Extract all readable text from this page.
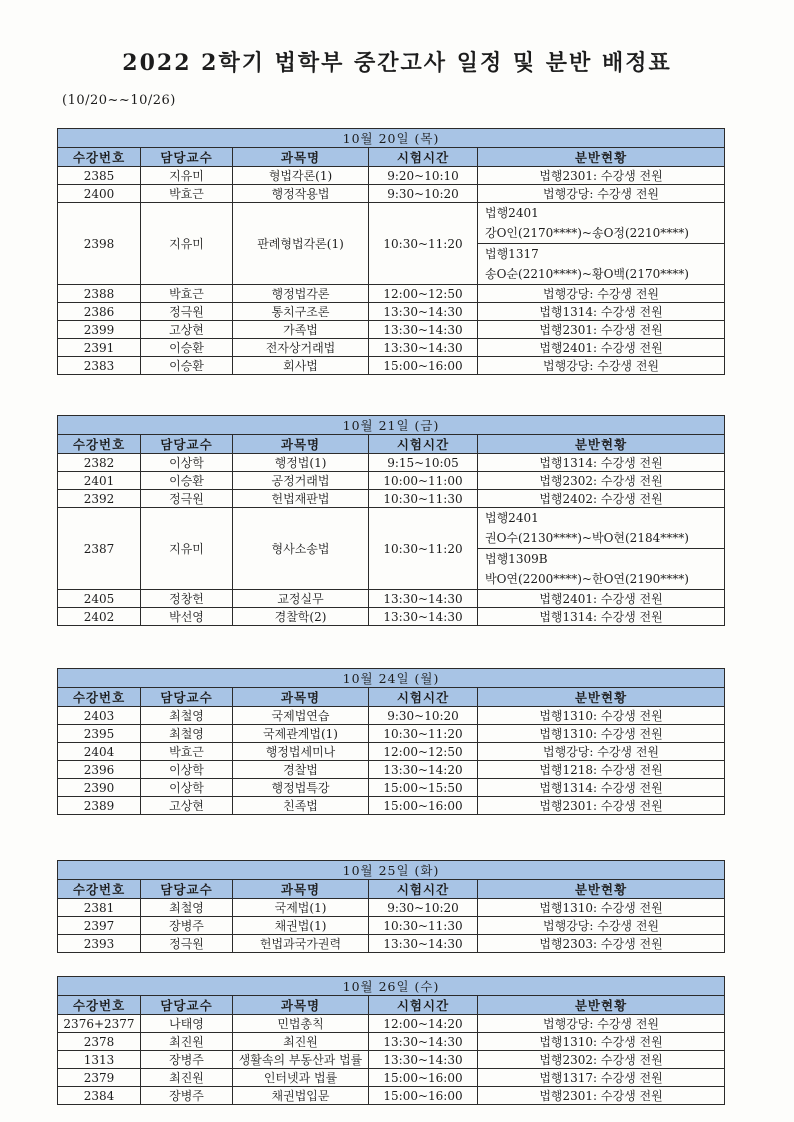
2022 2학기 법학부 중간고사 일정 및 분반 배정표
(10/20~~10/26)
10월 20일 (목)				
수강번호	담당교수	과목명	시험시간	분반현황
2385	지유미	형법각론(1)	9:20~10:10	법행2301: 수강생 전원
2400	박효근	행정작용법	9:30~10:20	법행강당: 수강생 전원
2398	지유미	판례형법각론(1)	10:30~11:20	법행2401
강O인(2170****)~송O정(2210****)
법행1317
송O순(2210****)~황O백(2170****)

2388	박효근	행정법각론	12:00~12:50	법행강당: 수강생 전원
2386	정극원	통치구조론	13:30~14:30	법행1314: 수강생 전원
2399	고상현	가족법	13:30~14:30	법행2301: 수강생 전원
2391	이승환	전자상거래법	13:30~14:30	법행2401: 수강생 전원
2383	이승환	회사법	15:00~16:00	법행강당: 수강생 전원
10월 21일 (금)				
수강번호	담당교수	과목명	시험시간	분반현황
2382	이상학	행정법(1)	9:15~10:05	법행1314: 수강생 전원
2401	이승환	공정거래법	10:00~11:00	법행2302: 수강생 전원
2392	정극원	헌법재판법	10:30~11:30	법행2402: 수강생 전원
2387	지유미	형사소송법	10:30~11:20	법행2401
권O수(2130****)~박O현(2184****)
법행1309B
박O연(2200****)~한O연(2190****)

2405	정창헌	교정실무	13:30~14:30	법행2401: 수강생 전원
2402	박선영	경찰학(2)	13:30~14:30	법행1314: 수강생 전원
10월 24일 (월)				
수강번호	담당교수	과목명	시험시간	분반현황
2403	최철영	국제법연습	9:30~10:20	법행1310: 수강생 전원
2395	최철영	국제관계법(1)	10:30~11:20	법행1310: 수강생 전원
2404	박효근	행정법세미나	12:00~12:50	법행강당: 수강생 전원
2396	이상학	경찰법	13:30~14:20	법행1218: 수강생 전원
2390	이상학	행정법특강	15:00~15:50	법행1314: 수강생 전원
2389	고상현	친족법	15:00~16:00	법행2301: 수강생 전원
10월 25일 (화)				
수강번호	담당교수	과목명	시험시간	분반현황
2381	최철영	국제법(1)	9:30~10:20	법행1310: 수강생 전원
2397	장병주	채권법(1)	10:30~11:30	법행강당: 수강생 전원
2393	정극원	헌법과국가권력	13:30~14:30	법행2303: 수강생 전원
10월 26일 (수)				
수강번호	담당교수	과목명	시험시간	분반현황
2376+2377	나태영	민법총칙	12:00~14:20	법행강당: 수강생 전원
2378	최진원	최진원	13:30~14:30	법행1310: 수강생 전원
1313	장병주	생활속의 부동산과 법률	13:30~14:30	법행2302: 수강생 전원
2379	최진원	인터넷과 법률	15:00~16:00	법행1317: 수강생 전원
2384	장병주	채권법입문	15:00~16:00	법행2301: 수강생 전원
